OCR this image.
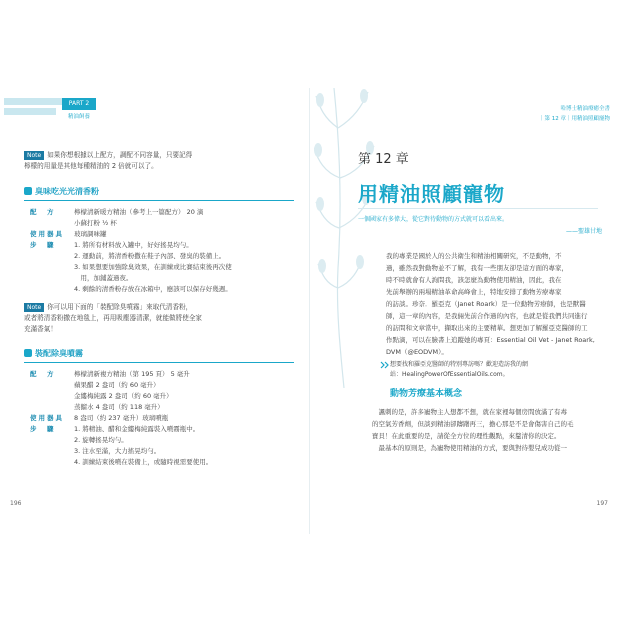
PART 2
精油飼養
Note 如果你想根據以上配方，調配不同容量，只要記得
檸檬的用量是其他每種精油的 2 倍就可以了。
臭味吃光光清香粉
配　方	檸檬清新暖方精油（參考上一篇配方） 20 滴
小蘇打粉 ½ 杯
使用器具	玻璃調味罐
步　驟	1. 將所有材料放入罐中，好好搖晃均勻。
2. 運動前，將清香粉撒在鞋子內部、發臭的裝備上。
3. 如果想要加強除臭效果，在訓練或比賽結束後再次使
　用，加鋪蓋過夜。
4. 剩餘的清香粉存放在冰箱中，應該可以保存好幾週。
Note 你可以用下面的「裝配除臭噴霧」來取代清香粉，
或者將清香粉撒在地毯上，再用吸塵器清潔，就能做將使全家
充滿香氣！
裝配除臭噴霧
配　方	檸檬清新複方精油（第 195 頁） 5 毫升
蘋果醋 2 盎司（約 60 毫升）
金縷梅純露 2 盎司（約 60 毫升）
蒸餾水 4 盎司（約 118 毫升）
使用器具	8 盎司（約 237 毫升）玻璃噴瓶
步　驟	1. 將精油、醋和金縷梅純露裝入噴霧瓶中。
2. 旋轉搖晃均勻。
3. 注水至滿，大力搖晃均勻。
4. 訓練結束後噴在裝備上，或隨時視需要使用。
196
哈博士精油療癒全書
｜第 12 章｜用精油照顧寵物
第 12 章
用精油照顧寵物
一個國家有多偉大，從它對待動物的方式就可以看出來。
——聖雄甘地
我的專業是國於人的公共衛生和精油相關研究，不是動物，不
過，雖然我對動物並不了解，我有一些朋友卻是這方面的專家，
時不時就會有人詢問我，該怎麼為動物使用精油，因此，我在
先前舉辦的兩場精油革命高峰會上，特地安排了動物芳療專家
的訪談。珍奈．羅亞克（Janet Roark）是一位動物芳療師，也是獸醫
師，這一章的內容，是我倆先前合作過的內容，也就是從我們共同進行
的訪問和文章當中，擷取出來的主要精華。想更加了解羅亞克醫師的工
作點滴，可以在臉書上追蹤她的專頁：Essential Oil Vet - Janet Roark,
DVM（@EODVM）。
想要找和羅亞克醫師的特別專訪嗎？歡迎造訪我的網
站：HealingPowerOfEssentialOils.com。
動物芳療基本概念
　諷刺的是，許多寵物主人想都不想，就在家裡每個房間放滿了有毒
的空氣芳香劑，但談到精油卻躊躇再三，擔心那是不是會傷害自己的毛
寶貝！在此重要的是，請從全方位的理性觀點，來釐清你的決定。
　最基本的原則是，為寵物使用精油的方式，要與對待嬰兒成功從一
197
